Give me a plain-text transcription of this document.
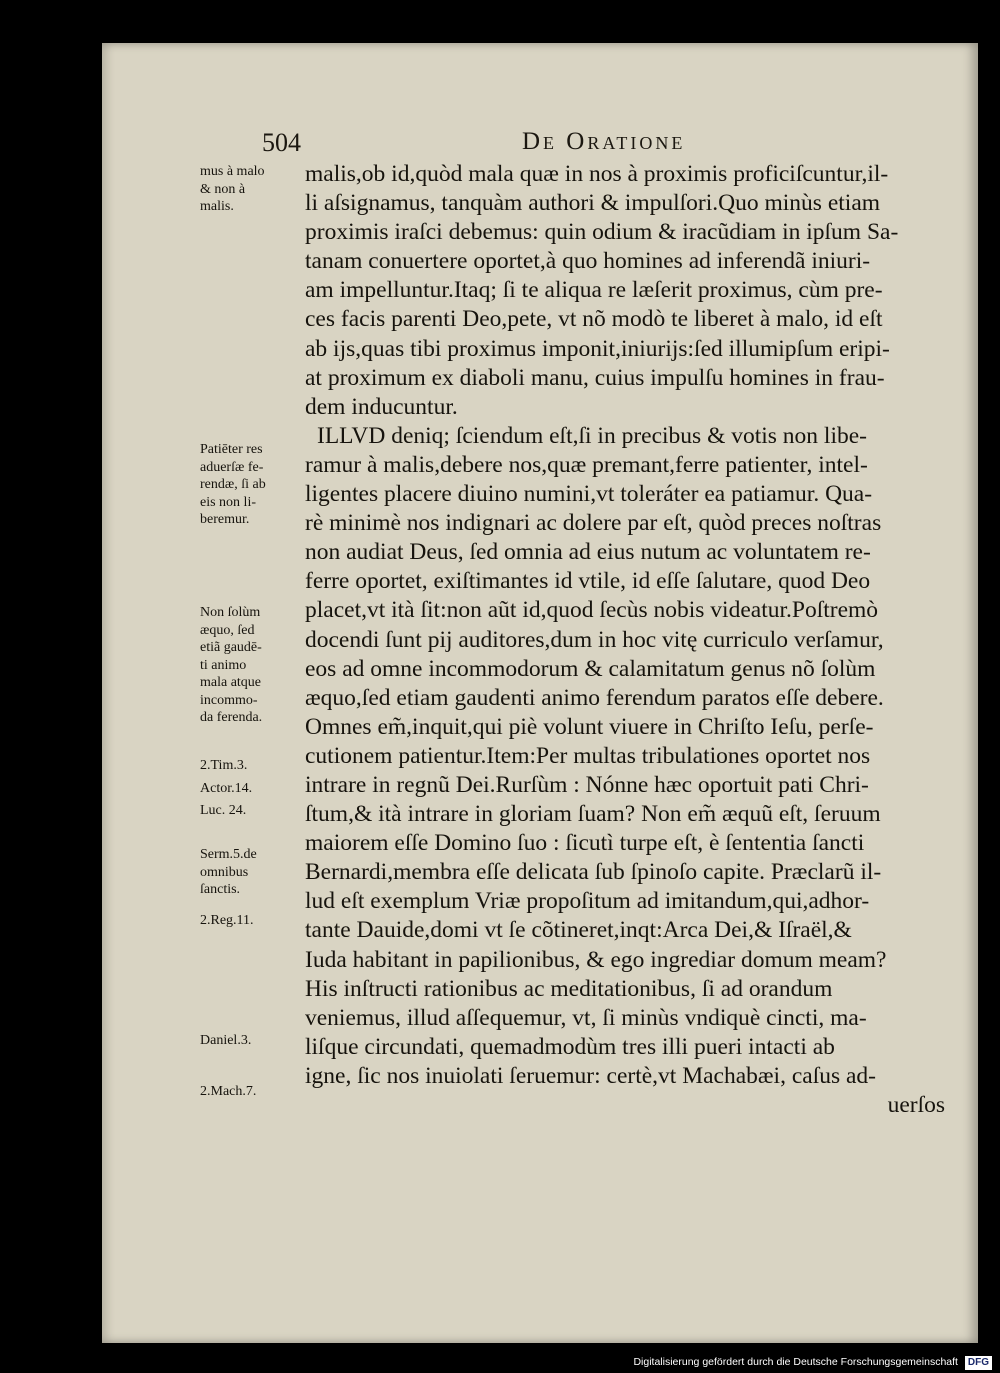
504	De Oratione
malis,ob id,quòd mala quæ in nos à proximis proficiſcuntur,il-
li aſsignamus, tanquàm authori & impulſori.Quo minùs etiam
proximis iraſci debemus: quin odium & iracũdiam in ipſum Sa-
tanam conuertere oportet,à quo homines ad inferendã iniuri-
am impelluntur.Itaq; ſi te aliqua re læſerit proximus, cùm pre-
ces facis parenti Deo,pete, vt nõ modò te liberet à malo, id eſt
ab ijs,quas tibi proximus imponit,iniurijs:ſed illumipſum eripi-
at proximum ex diaboli manu, cuius impulſu homines in frau-
dem inducuntur.
ILLVD deniq; ſciendum eſt,ſi in precibus & votis non libe-
ramur à malis,debere nos,quæ premant,ferre patienter, intel-
ligentes placere diuino numini,vt toleráter ea patiamur. Qua-
rè minimè nos indignari ac dolere par eſt, quòd preces noſtras
non audiat Deus, ſed omnia ad eius nutum ac voluntatem re-
ferre oportet, exiſtimantes id vtile, id eſſe ſalutare, quod Deo
placet,vt ità ſit:non aũt id,quod ſecùs nobis videatur.Poſtremò
docendi ſunt pij auditores,dum in hoc vitę curriculo verſamur,
eos ad omne incommodorum & calamitatum genus nõ ſolùm
æquo,ſed etiam gaudenti animo ferendum paratos eſſe debere.
Omnes em̃,inquit,qui piè volunt viuere in Chriſto Ieſu, perſe-
cutionem patientur.Item:Per multas tribulationes oportet nos
intrare in regnũ Dei.Rurſùm : Nónne hæc oportuit pati Chri-
ſtum,& ità intrare in gloriam ſuam? Non em̃ æquũ eſt, ſeruum
maiorem eſſe Domino ſuo : ſicutì turpe eſt, è ſententia ſancti
Bernardi,membra eſſe delicata ſub ſpinoſo capite. Præclarũ il-
lud eſt exemplum Vriæ propoſitum ad imitandum,qui,adhor-
tante Dauide,domi vt ſe cõtineret,inqt:Arca Dei,& Iſraël,&
Iuda habitant in papilionibus, & ego ingrediar domum meam?
His inſtructi rationibus ac meditationibus, ſi ad orandum
veniemus, illud aſſequemur, vt, ſi minùs vndiquè cincti, ma-
liſque circundati, quemadmodùm tres illi pueri intacti ab
igne, ſic nos inuiolati ſeruemur: certè,vt Machabæi, caſus ad-
uerſos
mus à malo
& non à
malis.
Patiēter res
aduerſæ fe-
rendæ, ſi ab
eis non li-
beremur.
Non ſolùm
æquo, ſed
etiã gaudē-
ti animo
mala atque
incommo-
da ferenda.
2.Tim.3.
Actor.14.
Luc. 24.
Serm.5.de
omnibus
ſanctis.
2.Reg.11.
Daniel.3.
2.Mach.7.
Digitalisierung gefördert durch die Deutsche Forschungsgemeinschaft DFG
